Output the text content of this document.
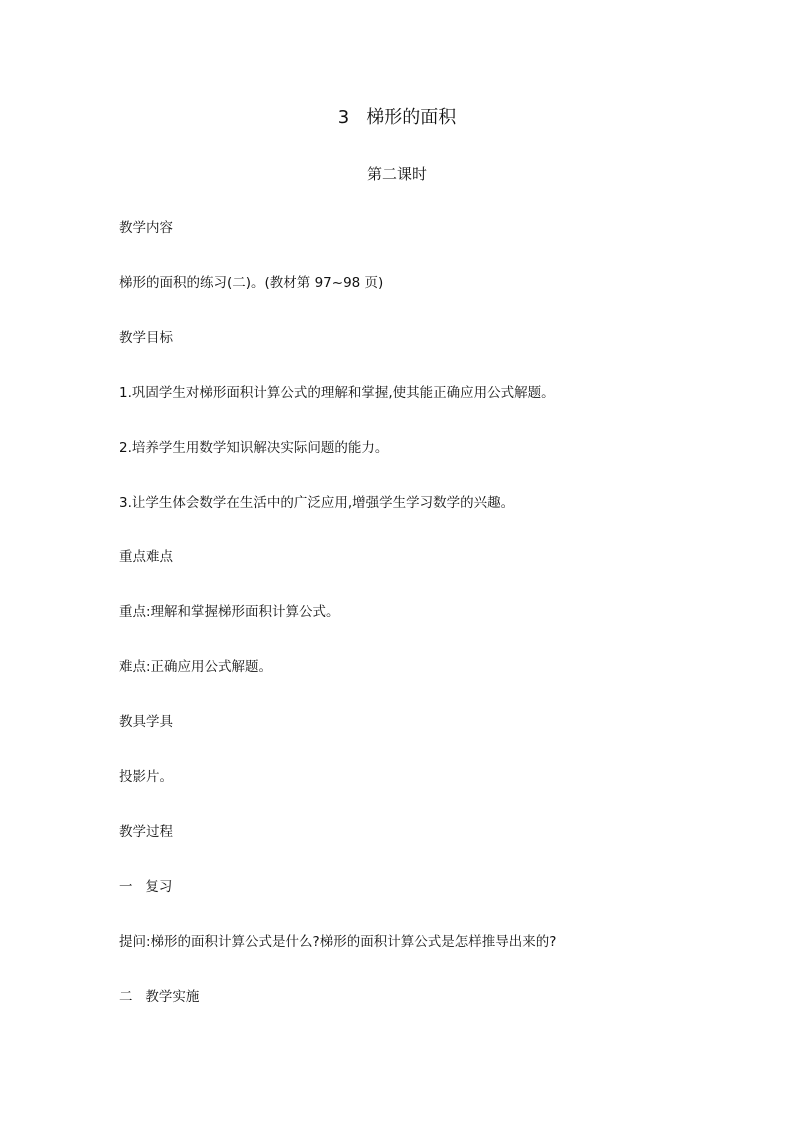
3   梯形的面积
第二课时
教学内容
梯形的面积的练习(二)。(教材第 97~98 页)
教学目标
1.巩固学生对梯形面积计算公式的理解和掌握,使其能正确应用公式解题。
2.培养学生用数学知识解决实际问题的能力。
3.让学生体会数学在生活中的广泛应用,增强学生学习数学的兴趣。
重点难点
重点:理解和掌握梯形面积计算公式。
难点:正确应用公式解题。
教具学具
投影片。
教学过程
一   复习
提问:梯形的面积计算公式是什么?梯形的面积计算公式是怎样推导出来的?
二   教学实施
